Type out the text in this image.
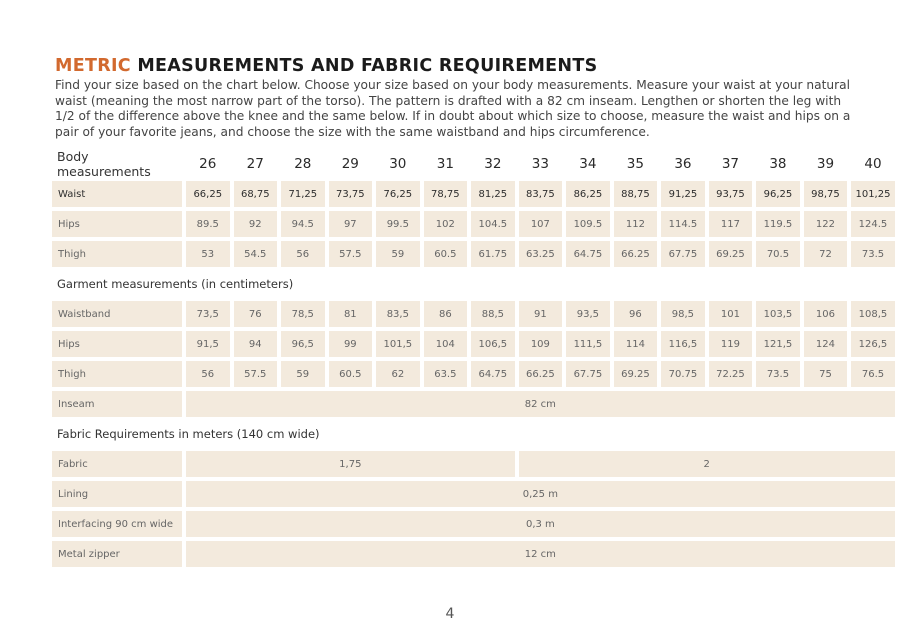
METRIC MEASUREMENTS AND FABRIC REQUIREMENTS
Find your size based on the chart below. Choose your size based on your body measurements. Measure your waist at your natural waist (meaning the most narrow part of the torso). The pattern is drafted with a 82 cm inseam. Lengthen or shorten the leg with 1/2 of the difference above the knee and the same below. If in doubt about which size to choose, measure the waist and hips on a pair of your favorite jeans, and choose the size with the same waistband and hips circumference.
Body measurements	26	27	28	29	30	31	32	33	34	35	36	37	38	39	40
Waist	66,25	68,75	71,25	73,75	76,25	78,75	81,25	83,75	86,25	88,75	91,25	93,75	96,25	98,75	101,25
Hips	89.5	92	94.5	97	99.5	102	104.5	107	109.5	112	114.5	117	119.5	122	124.5
Thigh	53	54.5	56	57.5	59	60.5	61.75	63.25	64.75	66.25	67.75	69.25	70.5	72	73.5
Garment measurements (in centimeters)
Waistband	73,5	76	78,5	81	83,5	86	88,5	91	93,5	96	98,5	101	103,5	106	108,5
Hips	91,5	94	96,5	99	101,5	104	106,5	109	111,5	114	116,5	119	121,5	124	126,5
Thigh	56	57.5	59	60.5	62	63.5	64.75	66.25	67.75	69.25	70.75	72.25	73.5	75	76.5
Inseam	82 cm
Fabric Requirements in meters (140 cm wide)
Fabric	1,75	2
Lining	0,25 m
Interfacing 90 cm wide	0,3 m
Metal zipper	12 cm
4
